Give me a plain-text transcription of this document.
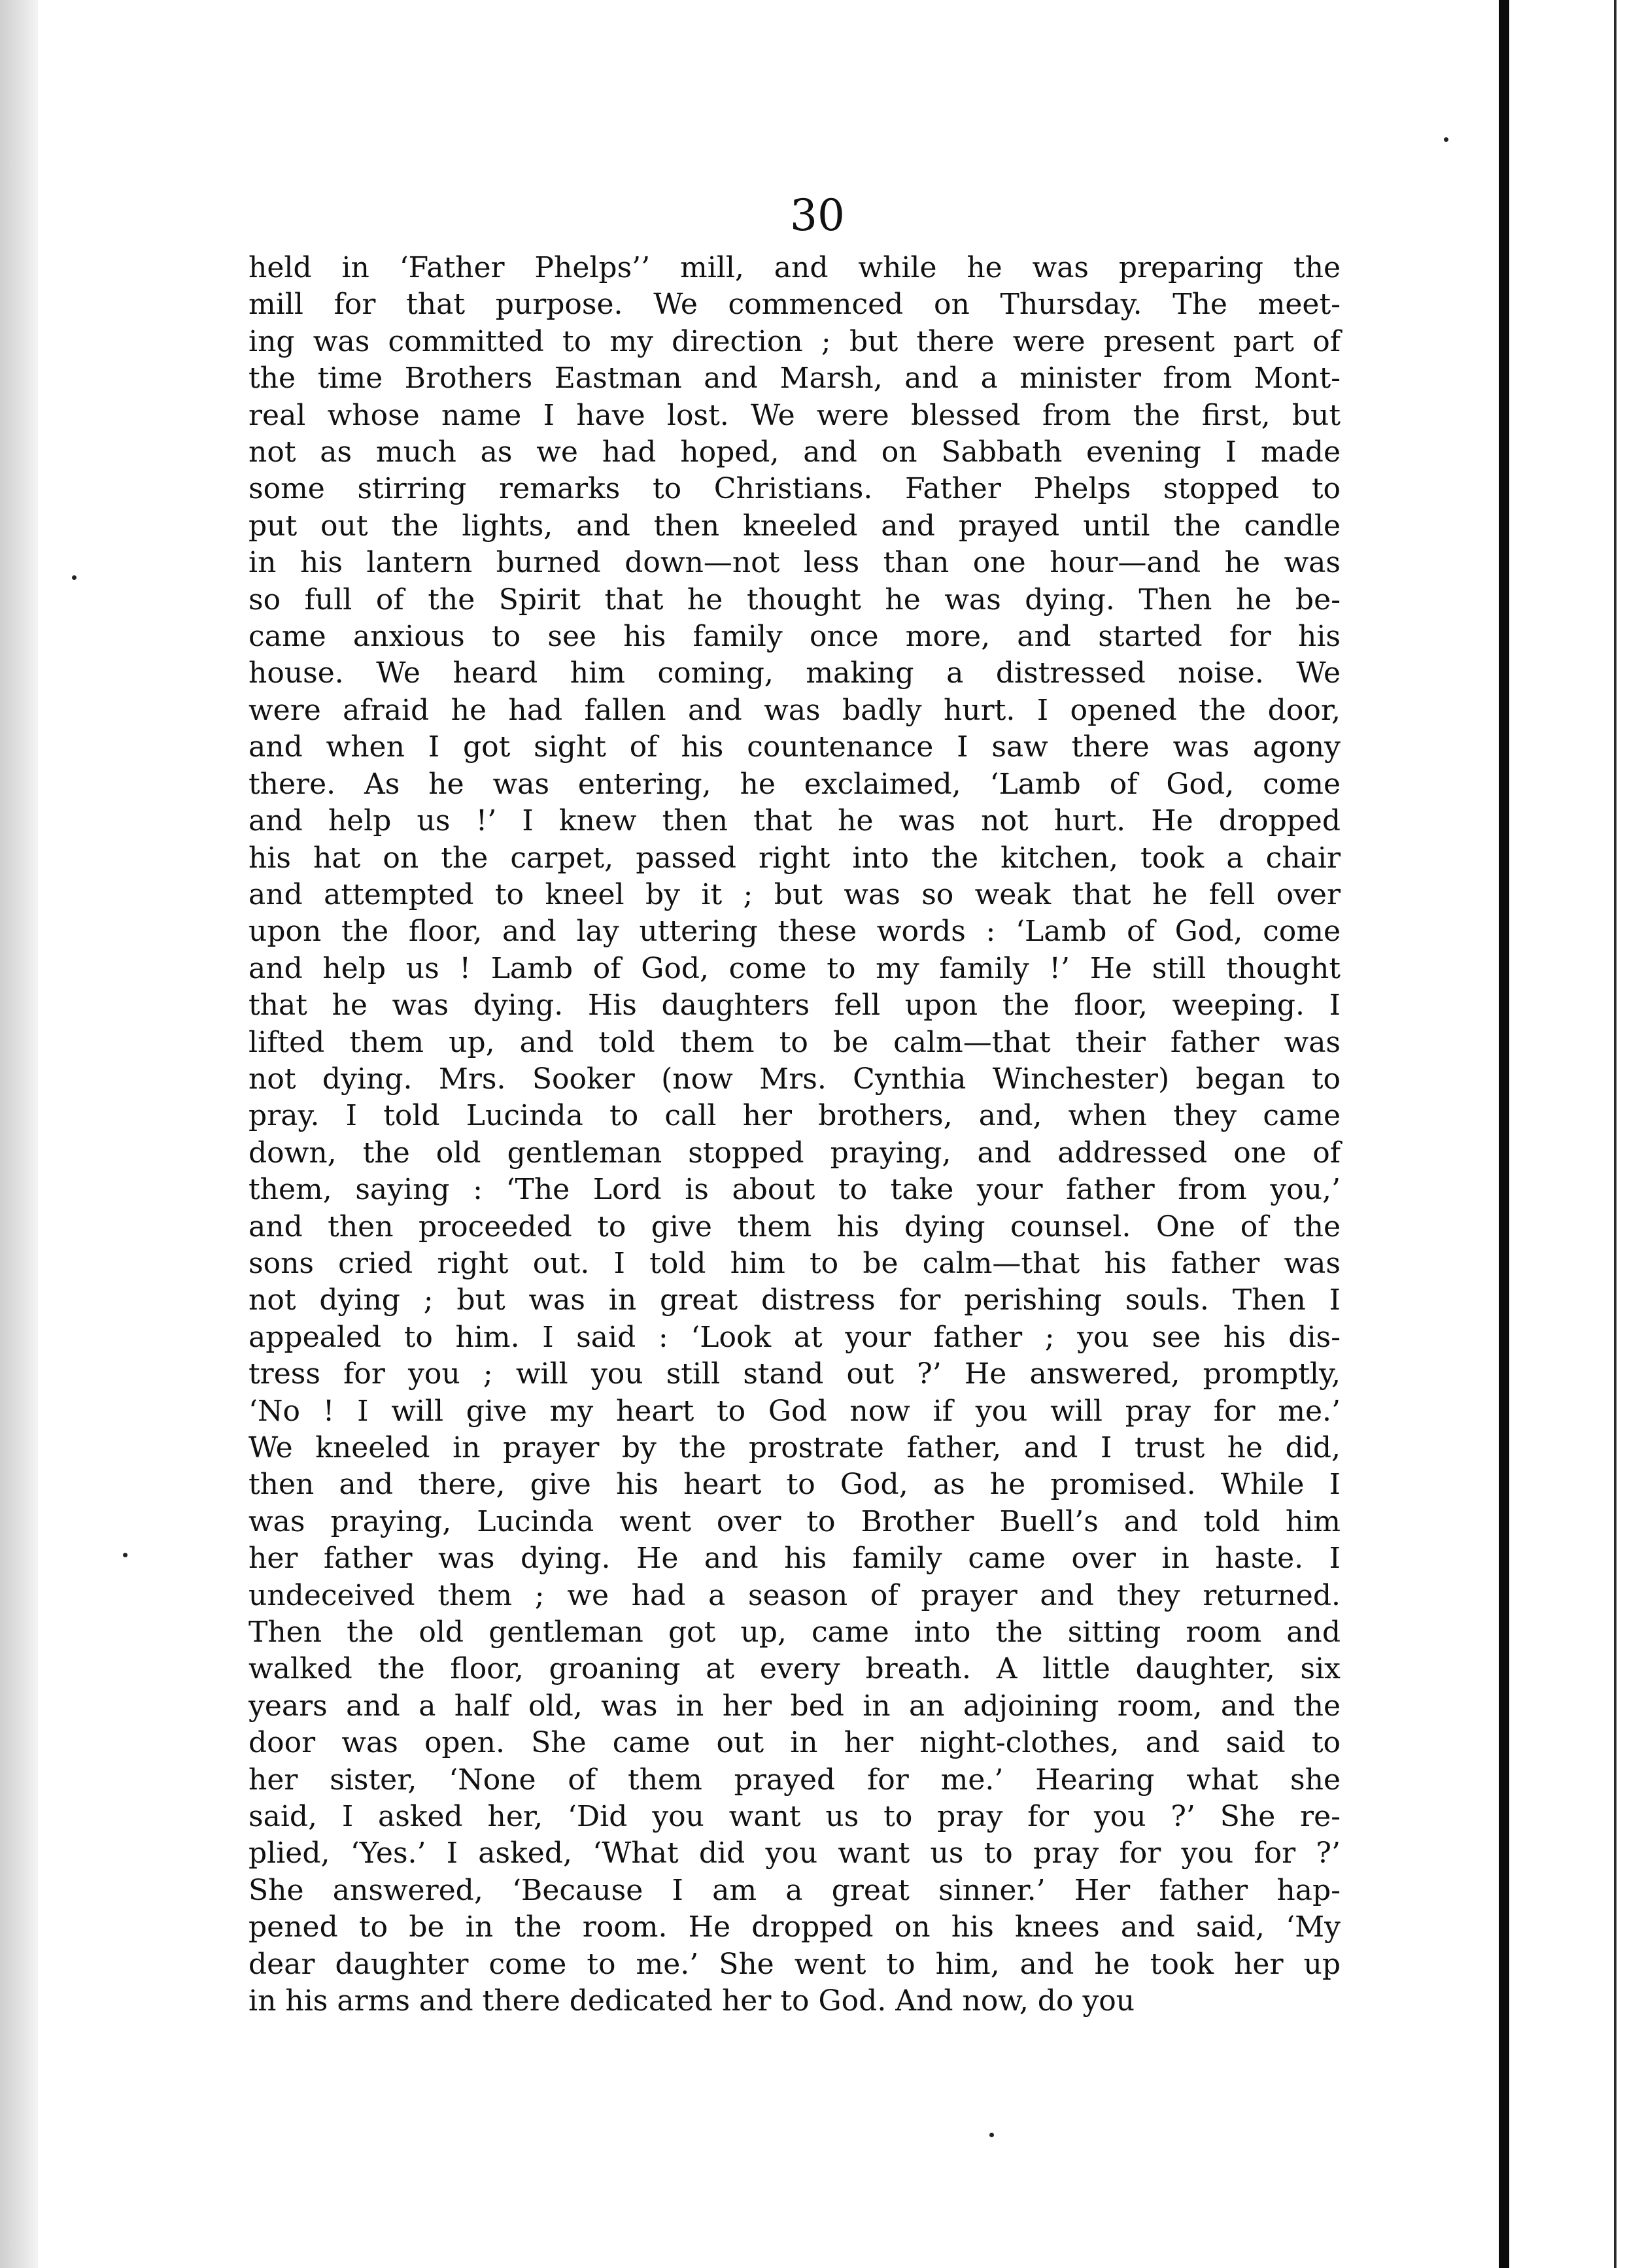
30
held in ‘Father Phelps’’ mill, and while he was preparing the
mill for that purpose. We commenced on Thursday. The meet-
ing was committed to my direction ; but there were present part of
the time Brothers Eastman and Marsh, and a minister from Mont-
real whose name I have lost. We were blessed from the first, but
not as much as we had hoped, and on Sabbath evening I made
some stirring remarks to Christians. Father Phelps stopped to
put out the lights, and then kneeled and prayed until the candle
in his lantern burned down—not less than one hour—and he was
so full of the Spirit that he thought he was dying. Then he be-
came anxious to see his family once more, and started for his
house. We heard him coming, making a distressed noise. We
were afraid he had fallen and was badly hurt. I opened the door,
and when I got sight of his countenance I saw there was agony
there. As he was entering, he exclaimed, ‘Lamb of God, come
and help us !’ I knew then that he was not hurt. He dropped
his hat on the carpet, passed right into the kitchen, took a chair
and attempted to kneel by it ; but was so weak that he fell over
upon the floor, and lay uttering these words : ‘Lamb of God, come
and help us ! Lamb of God, come to my family !’ He still thought
that he was dying. His daughters fell upon the floor, weeping. I
lifted them up, and told them to be calm—that their father was
not dying. Mrs. Sooker (now Mrs. Cynthia Winchester) began to
pray. I told Lucinda to call her brothers, and, when they came
down, the old gentleman stopped praying, and addressed one of
them, saying : ‘The Lord is about to take your father from you,’
and then proceeded to give them his dying counsel. One of the
sons cried right out. I told him to be calm—that his father was
not dying ; but was in great distress for perishing souls. Then I
appealed to him. I said : ‘Look at your father ; you see his dis-
tress for you ; will you still stand out ?’ He answered, promptly,
‘No ! I will give my heart to God now if you will pray for me.’
We kneeled in prayer by the prostrate father, and I trust he did,
then and there, give his heart to God, as he promised. While I
was praying, Lucinda went over to Brother Buell’s and told him
her father was dying. He and his family came over in haste. I
undeceived them ; we had a season of prayer and they returned.
Then the old gentleman got up, came into the sitting room and
walked the floor, groaning at every breath. A little daughter, six
years and a half old, was in her bed in an adjoining room, and the
door was open. She came out in her night-clothes, and said to
her sister, ‘None of them prayed for me.’ Hearing what she
said, I asked her, ‘Did you want us to pray for you ?’ She re-
plied, ‘Yes.’ I asked, ‘What did you want us to pray for you for ?’
She answered, ‘Because I am a great sinner.’ Her father hap-
pened to be in the room. He dropped on his knees and said, ‘My
dear daughter come to me.’ She went to him, and he took her up
in his arms and there dedicated her to God. And now, do you
